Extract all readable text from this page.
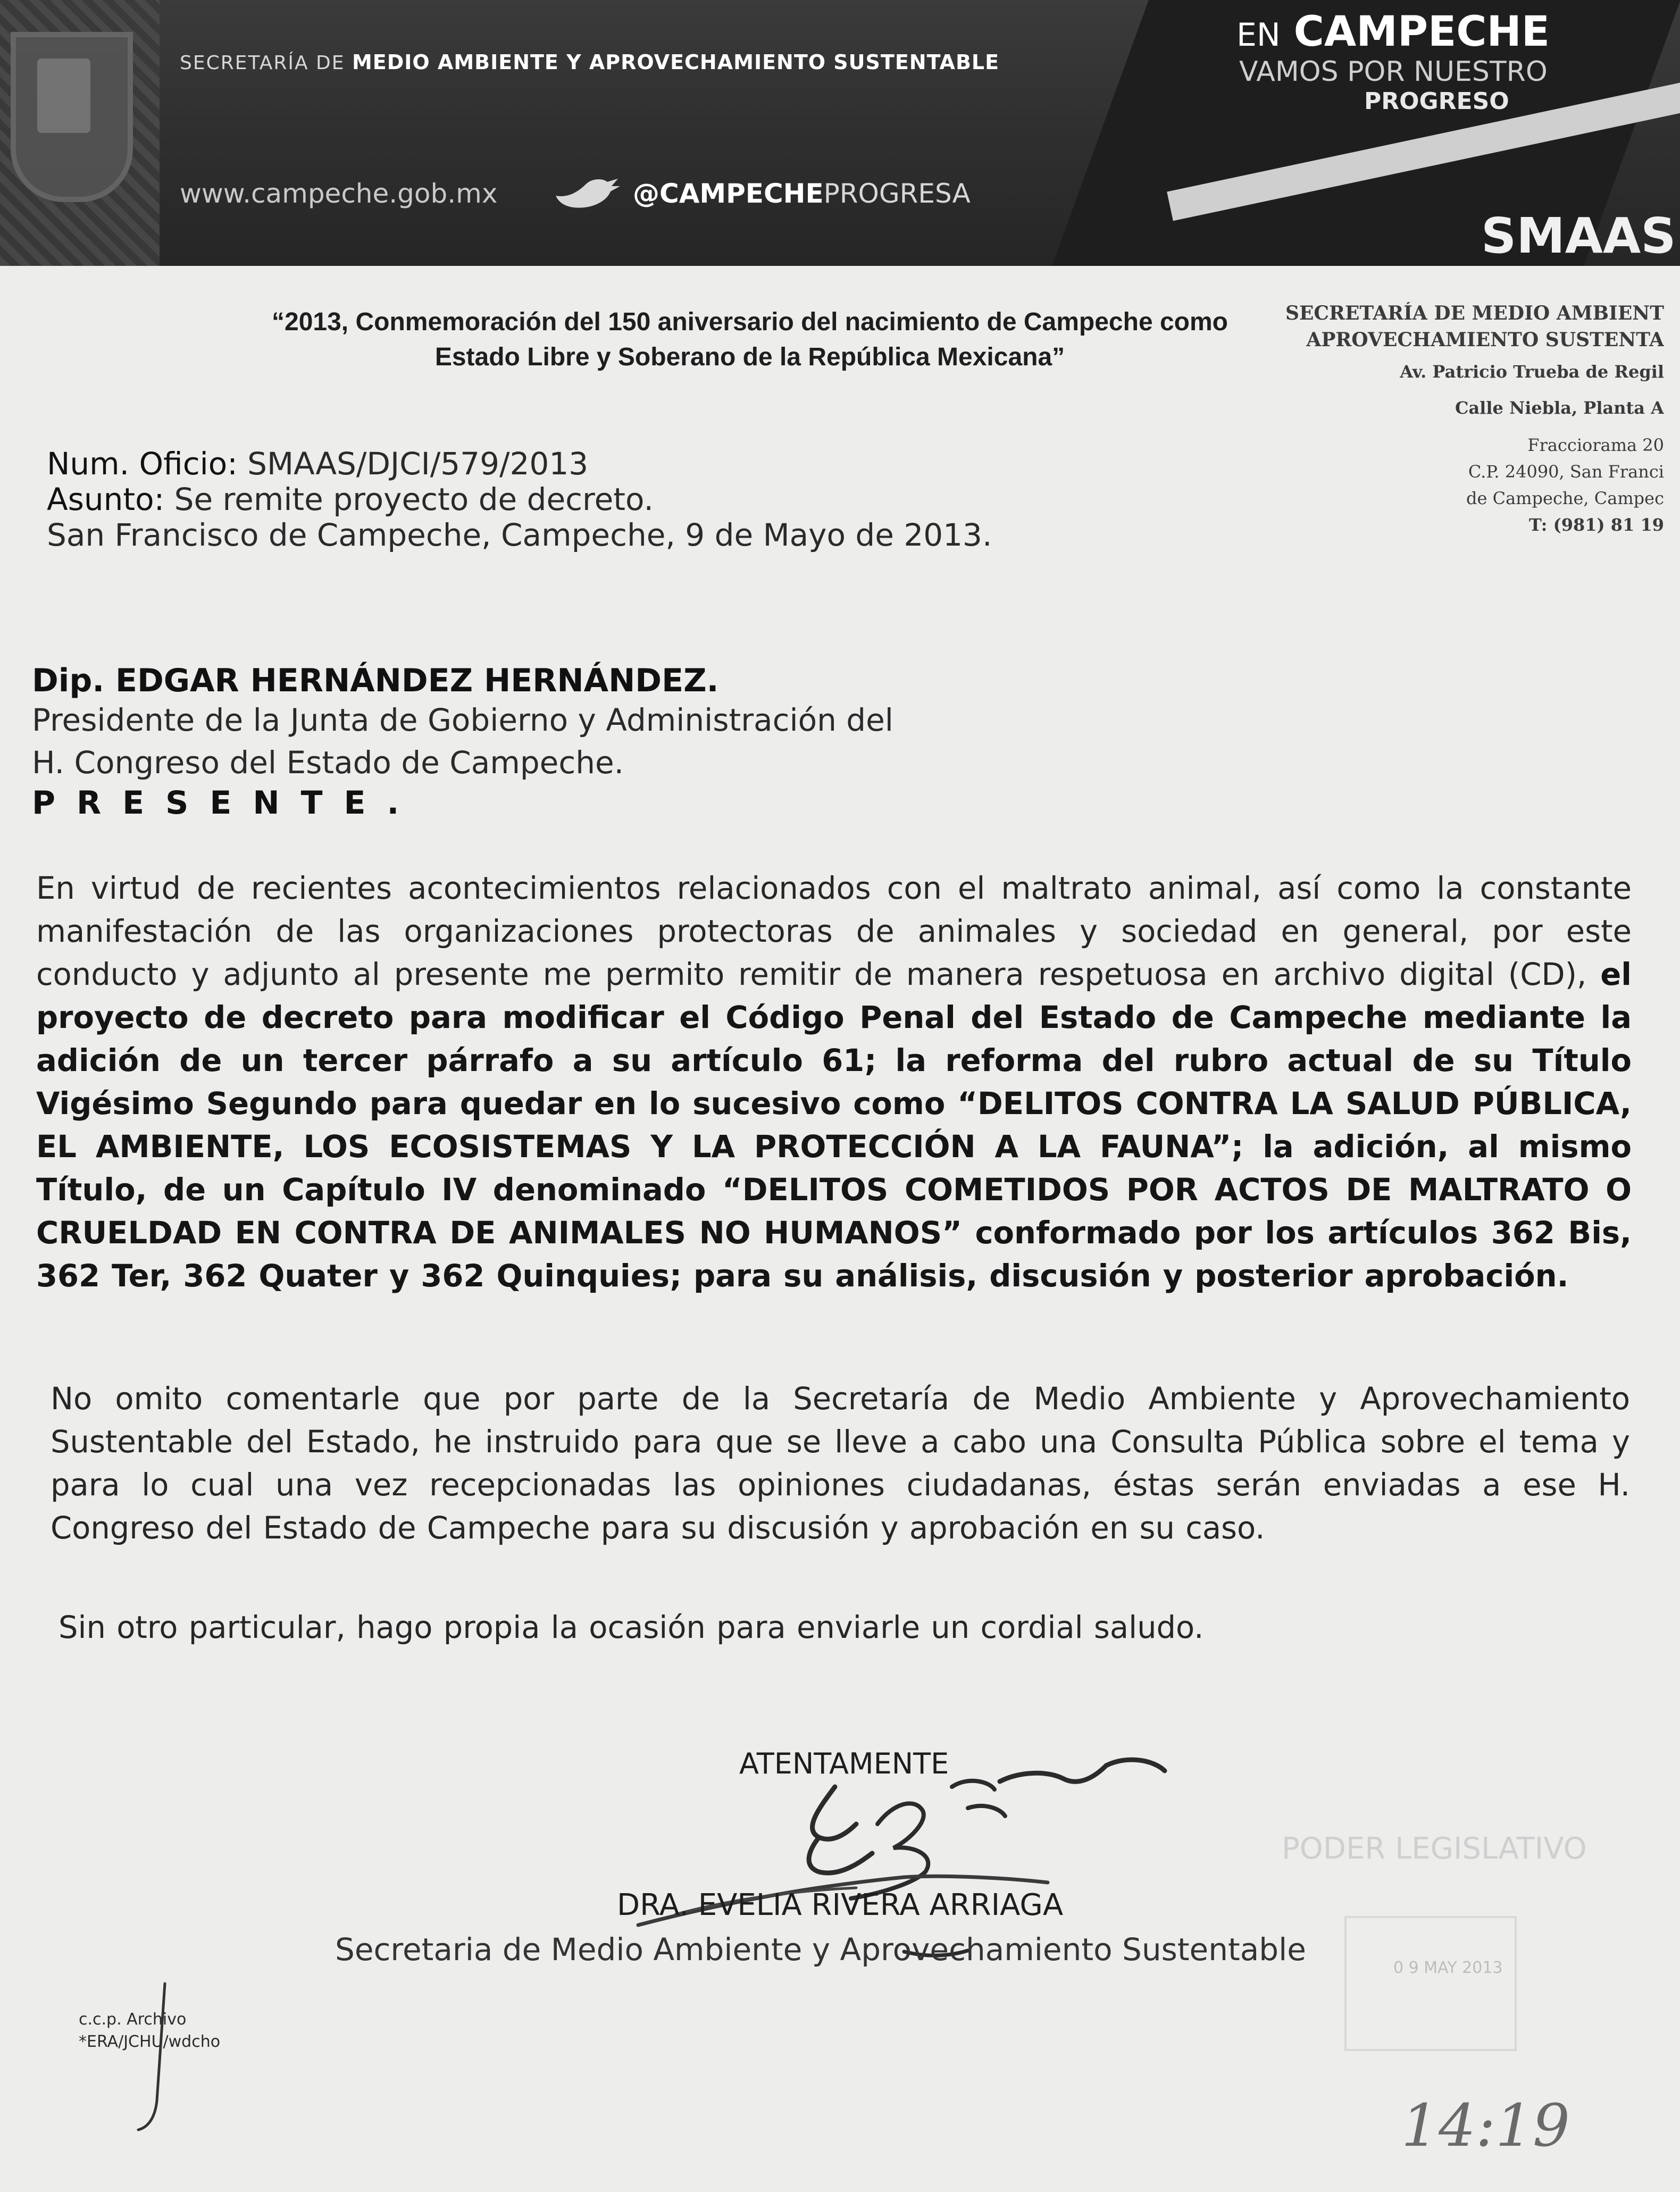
SECRETARÍA DE MEDIO AMBIENTE Y APROVECHAMIENTO SUSTENTABLE
www.campeche.gob.mx	@CAMPECHEPROGRESA
EN CAMPECHE
VAMOS POR NUESTRO
PROGRESO
SMAAS
“2013, Conmemoración del 150 aniversario del nacimiento de Campeche como
Estado Libre y Soberano de la República Mexicana”
SECRETARÍA DE MEDIO AMBIENT
APROVECHAMIENTO SUSTENTA
Av. Patricio Trueba de Regil
Calle Niebla, Planta A
Fracciorama 20
C.P. 24090, San Franci
de Campeche, Campec
T: (981) 81 19
Num. Oficio: SMAAS/DJCI/579/2013
Asunto: Se remite proyecto de decreto.
San Francisco de Campeche, Campeche, 9 de Mayo de 2013.
Dip. EDGAR HERNÁNDEZ HERNÁNDEZ.
Presidente de la Junta de Gobierno y Administración del
H. Congreso del Estado de Campeche.
PRESENTE.
En virtud de recientes acontecimientos relacionados con el maltrato animal, así como la constante manifestación de las organizaciones protectoras de animales y sociedad en general, por este conducto y adjunto al presente me permito remitir de manera respetuosa en archivo digital (CD), el proyecto de decreto para modificar el Código Penal del Estado de Campeche mediante la adición de un tercer párrafo a su artículo 61; la reforma del rubro actual de su Título Vigésimo Segundo para quedar en lo sucesivo como “DELITOS CONTRA LA SALUD PÚBLICA, EL AMBIENTE, LOS ECOSISTEMAS Y LA PROTECCIÓN A LA FAUNA”; la adición, al mismo Título, de un Capítulo IV denominado “DELITOS COMETIDOS POR ACTOS DE MALTRATO O CRUELDAD EN CONTRA DE ANIMALES NO HUMANOS” conformado por los artículos 362 Bis, 362 Ter, 362 Quater y 362 Quinquies; para su análisis, discusión y posterior aprobación.
No omito comentarle que por parte de la Secretaría de Medio Ambiente y Aprovechamiento Sustentable del Estado, he instruido para que se lleve a cabo una Consulta Pública sobre el tema y para lo cual una vez recepcionadas las opiniones ciudadanas, éstas serán enviadas a ese H. Congreso del Estado de Campeche para su discusión y aprobación en su caso.
Sin otro particular, hago propia la ocasión para enviarle un cordial saludo.
ATENTAMENTE
DRA. EVELIA RIVERA ARRIAGA
Secretaria de Medio Ambiente y Aprovechamiento Sustentable
PODER LEGISLATIVO
0 9 MAY 2013
14:19
c.c.p. Archivo
*ERA/JCHU/wdcho
